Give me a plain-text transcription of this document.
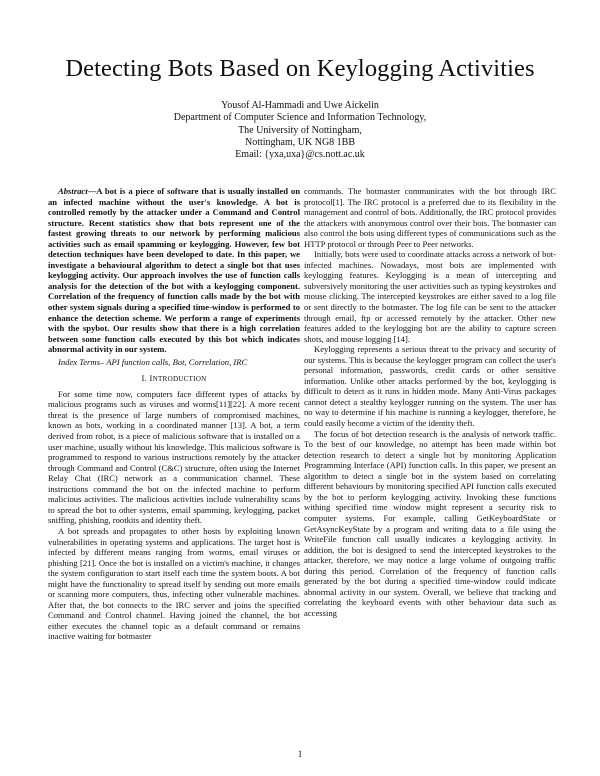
Detecting Bots Based on Keylogging Activities
Yousof Al-Hammadi and Uwe Aickelin
Department of Computer Science and Information Technology,
The University of Nottingham,
Nottingham, UK NG8 1BB
Email: {yxa,uxa}@cs.nott.ac.uk

Abstract—A bot is a piece of software that is usually installed on an infected machine without the user's knowledge. A bot is controlled remotly by the attacker under a Command and Control structure. Recent statistics show that bots represent one of the fastest growing threats to our network by performing malicious activities such as email spamming or keylogging. However, few bot detection techniques have been developed to date. In this paper, we investigate a behavioural algorithm to detect a single bot that uses keylogging activity. Our approach involves the use of function calls analysis for the detection of the bot with a keylogging component. Correlation of the frequency of function calls made by the bot with other system signals during a specified time-window is performed to enhance the detection scheme. We perform a range of experiments with the spybot. Our results show that there is a high correlation between some function calls executed by this bot which indicates abnormal activity in our system.

Index Terms– API function calls, Bot, Correlation, IRC

I. INTRODUCTION

For some time now, computers face different types of attacks by malicious programs such as viruses and worms[11][22]. A more recent threat is the presence of large numbers of compromised machines, known as bots, working in a coordinated manner [13]. A bot, a term derived from robot, is a piece of malicious software that is installed on a user machine, usually without his knowledge. This malicious software is programmed to respond to various instructions remotely by the attacker through Command and Control (C&C) structure, often using the Internet Relay Chat (IRC) network as a communication channel. These instructions command the bot on the infected machine to perform malicious activities. The malicious activities include vulnerability scans to spread the bot to other systems, email spamming, keylogging, packet sniffing, phishing, rootkits and identity theft.

A bot spreads and propagates to other hosts by exploiting known vulnerabilities in operating systems and applications. The target host is infected by different means ranging from worms, email viruses or phishing [21]. Once the bot is installed on a victim's machine, it changes the system configuration to start itself each time the system boots. A bot might have the functionality to spread itself by sending out more emails or scanning more computers, thus, infecting other vulnerable machines. After that, the bot connects to the IRC server and joins the specified Command and Control channel. Having joined the channel, the bot either executes the channel topic as a default command or remains inactive waiting for botmaster

commands. The botmaster communicates with the bot through IRC protocol[1]. The IRC protocol is a preferred due to its flexibility in the management and control of bots. Additionally, the IRC protocol provides the attackers with anonymous control over their bots. The botmaster can also control the bots using different types of communications such as the HTTP protocol or through Peer to Peer networks.

Initially, bots were used to coordinate attacks across a network of bot-infected machines. Nowadays, most bots are implemented with keylogging features. Keylogging is a mean of intercepting and subversively monitoring the user activities such as typing keystrokes and mouse clicking. The intercepted keystrokes are either saved to a log file or sent directly to the botmaster. The log file can be sent to the attacker through email, ftp or accessed remotely by the attacker. Other new features added to the keylogging bot are the ability to capture screen shots, and mouse logging [14].

Keylogging represents a serious threat to the privacy and security of our systems. This is because the keylogger program can collect the user's personal information, passwords, credit cards or other sensitive information. Unlike other attacks performed by the bot, keylogging is difficult to detect as it runs in hidden mode. Many Anti-Virus packages cannot detect a stealthy keylogger running on the system. The user has no way to determine if his machine is running a keylogger, therefore, he could easily become a victim of the identity theft.

The focus of bot detection research is the analysis of network traffic. To the best of our knowledge, no attempt has been made within bot detection research to detect a single bot by monitoring Application Programming Interface (API) function calls. In this paper, we present an algorithm to detect a single bot in the system based on correlating different behaviours by monitoring specified API function calls executed by the bot to perform keylogging activity. Invoking these functions withing specified time window might represent a security risk to computer systems. For example, calling GetKeyboardState or GetAsyncKeyState by a program and writing data to a file using the WriteFile function call usually indicates a keylogging activity. In addition, the bot is designed to send the intercepted keystrokes to the attacker, therefore, we may notice a large volume of outgoing traffic during this period. Correlation of the frequency of function calls generated by the bot during a specified time-window could indicate abnormal activity in our system. Overall, we believe that tracking and correlating the keyboard events with other behaviour data such as accessing

1
